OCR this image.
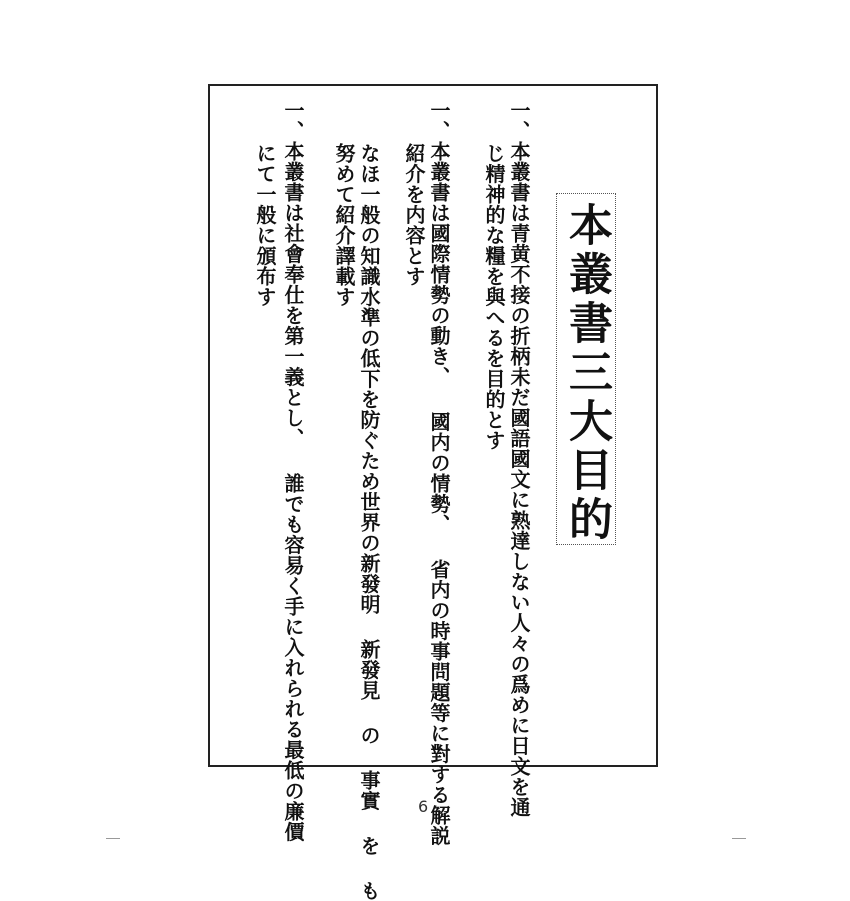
本叢書三大目的
一、本叢書は青黄不接の折柄未だ國語國文に熟達しない人々の爲めに日文を通
じ精神的な糧を與へるを目的とす
一、本叢書は國際情勢の動き、 國内の情勢、 省内の時事問題等に對する解説
紹介を内容とす
なほ一般の知識水準の低下を防ぐため世界の新發明 新發見 の 事實 を も
努めて紹介譯載す
一、本叢書は社會奉仕を第一義とし、 誰でも容易く手に入れられる最低の廉價
にて一般に頒布す
6
